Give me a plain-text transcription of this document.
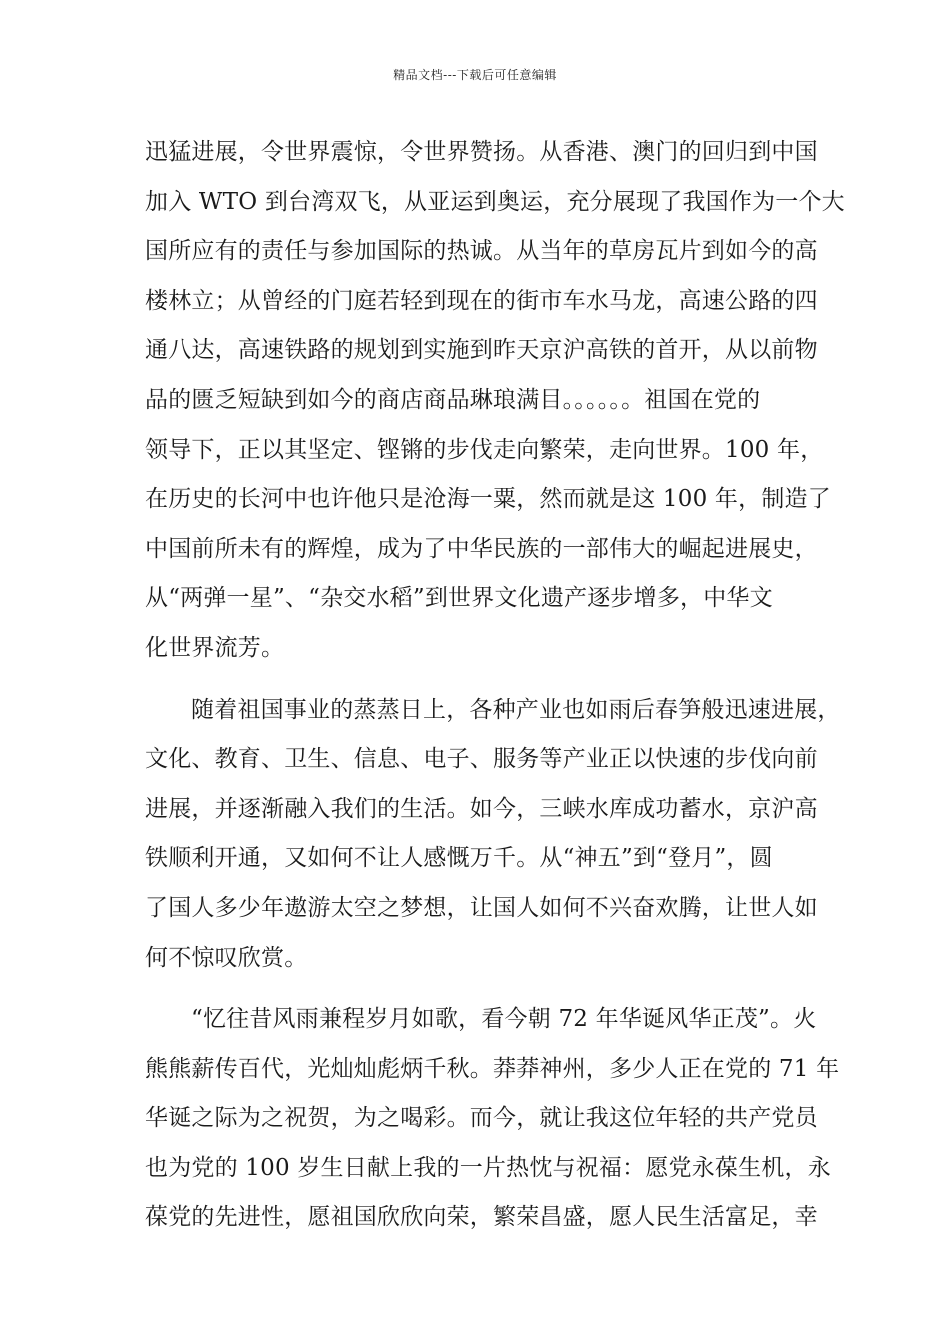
精品文档---下载后可任意编辑
迅猛进展，令世界震惊，令世界赞扬。从香港、澳门的回归到中国
加入 WTO 到台湾双飞，从亚运到奥运，充分展现了我国作为一个大
国所应有的责任与参加国际的热诚。从当年的草房瓦片到如今的高
楼林立；从曾经的门庭若轻到现在的街市车水马龙，高速公路的四
通八达，高速铁路的规划到实施到昨天京沪高铁的首开，从以前物
品的匮乏短缺到如今的商店商品琳琅满目。。。。。。祖国在党的
领导下，正以其坚定、铿锵的步伐走向繁荣，走向世界。100 年，
在历史的长河中也许他只是沧海一粟，然而就是这 100 年，制造了
中国前所未有的辉煌，成为了中华民族的一部伟大的崛起进展史，
从“两弹一星”、“杂交水稻”到世界文化遗产逐步增多，中华文
化世界流芳。
随着祖国事业的蒸蒸日上，各种产业也如雨后春笋般迅速进展，
文化、教育、卫生、信息、电子、服务等产业正以快速的步伐向前
进展，并逐渐融入我们的生活。如今，三峡水库成功蓄水，京沪高
铁顺利开通，又如何不让人感慨万千。从“神五”到“登月”，圆
了国人多少年遨游太空之梦想，让国人如何不兴奋欢腾，让世人如
何不惊叹欣赏。
“忆往昔风雨兼程岁月如歌，看今朝 72 年华诞风华正茂”。火
熊熊薪传百代，光灿灿彪炳千秋。莽莽神州，多少人正在党的 71 年
华诞之际为之祝贺，为之喝彩。而今，就让我这位年轻的共产党员
也为党的 100 岁生日献上我的一片热忱与祝福：愿党永葆生机，永
葆党的先进性，愿祖国欣欣向荣，繁荣昌盛，愿人民生活富足，幸
